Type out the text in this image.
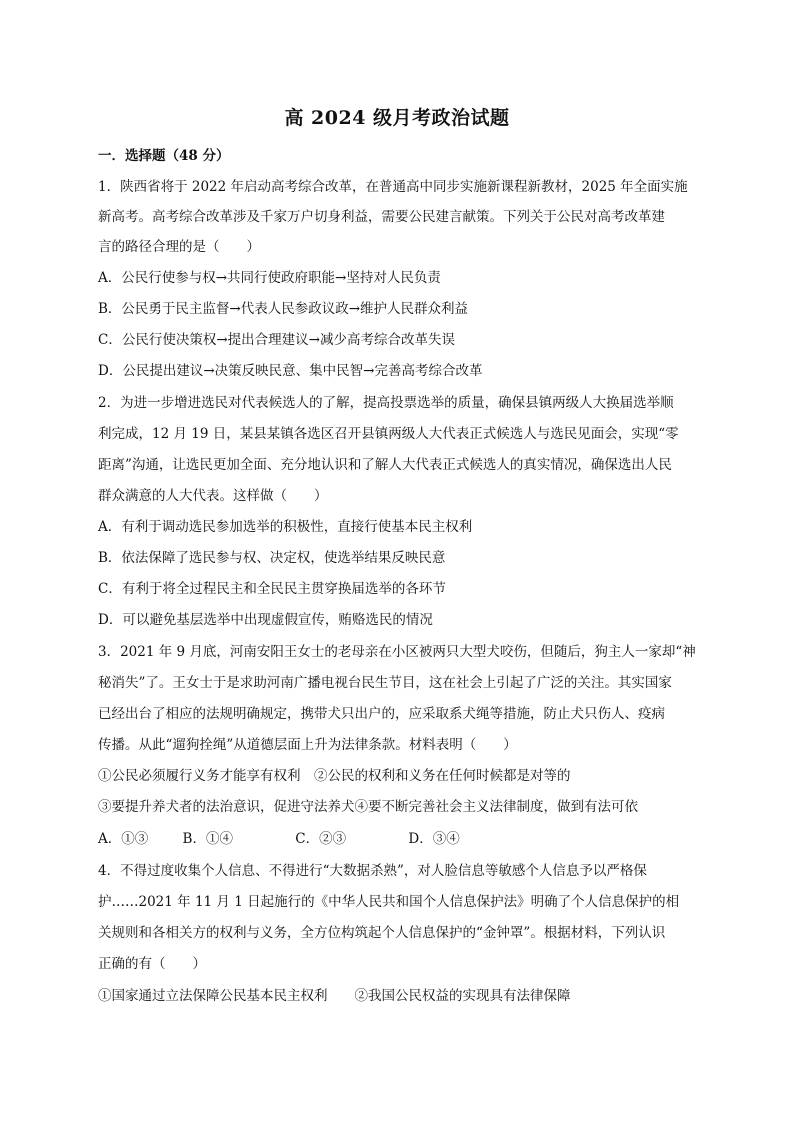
高 2024 级月考政治试题
一．选择题（48 分）
1．陕西省将于 2022 年启动高考综合改革，在普通高中同步实施新课程新教材，2025 年全面实施
新高考。高考综合改革涉及千家万户切身利益，需要公民建言献策。下列关于公民对高考改革建
言的路径合理的是（　　）
A．公民行使参与权→共同行使政府职能→坚持对人民负责
B．公民勇于民主监督→代表人民参政议政→维护人民群众利益
C．公民行使决策权→提出合理建议→减少高考综合改革失误
D．公民提出建议→决策反映民意、集中民智→完善高考综合改革
2．为进一步增进选民对代表候选人的了解，提高投票选举的质量，确保县镇两级人大换届选举顺
利完成，12 月 19 日，某县某镇各选区召开县镇两级人大代表正式候选人与选民见面会，实现“零
距离”沟通，让选民更加全面、充分地认识和了解人大代表正式候选人的真实情况，确保选出人民
群众满意的人大代表。这样做（　　）
A．有利于调动选民参加选举的积极性，直接行使基本民主权利
B．依法保障了选民参与权、决定权，使选举结果反映民意
C．有利于将全过程民主和全民民主贯穿换届选举的各环节
D．可以避免基层选举中出现虚假宣传，贿赂选民的情况
3．2021 年 9 月底，河南安阳王女士的老母亲在小区被两只大型犬咬伤，但随后，狗主人一家却“神
秘消失”了。王女士于是求助河南广播电视台民生节目，这在社会上引起了广泛的关注。其实国家
已经出台了相应的法规明确规定，携带犬只出户的，应采取系犬绳等措施，防止犬只伤人、疫病
传播。从此“遛狗拴绳”从道德层面上升为法律条款。材料表明（　　）
①公民必须履行义务才能享有权利　②公民的权利和义务在任何时候都是对等的
③要提升养犬者的法治意识，促进守法养犬④要不断完善社会主义法律制度，做到有法可依
A．①③	B．①④	C．②③	D．③④
4．不得过度收集个人信息、不得进行“大数据杀熟”，对人脸信息等敏感个人信息予以严格保
护……2021 年 11 月 1 日起施行的《中华人民共和国个人信息保护法》明确了个人信息保护的相
关规则和各相关方的权利与义务，全方位构筑起个人信息保护的“金钟罩”。根据材料，下列认识
正确的有（　　）
①国家通过立法保障公民基本民主权利　　②我国公民权益的实现具有法律保障
